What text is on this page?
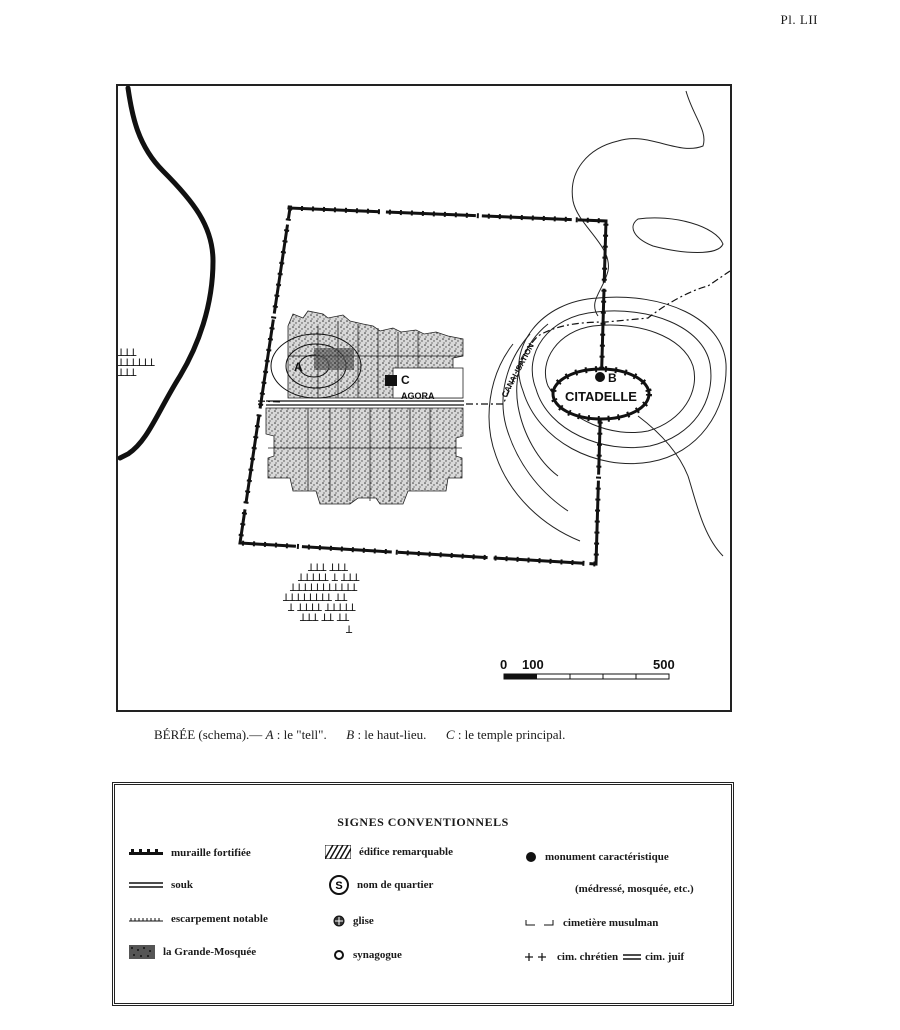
Pl. LII
ꓕꓕꓕ
ꓕꓕꓕꓕꓕꓕ
ꓕꓕꓕ
ꓕꓕꓕ ꓕꓕꓕ
ꓕꓕꓕꓕꓕ ꓕ ꓕꓕꓕ
ꓕꓕꓕꓕꓕꓕꓕꓕꓕꓕꓕ
ꓕꓕꓕꓕꓕꓕꓕꓕ ꓕꓕ
ꓕ ꓕꓕꓕꓕ ꓕꓕꓕꓕꓕ
ꓕꓕꓕ ꓕꓕ ꓕꓕ
ꓕ
A
C
AGORA
B
CITADELLE
CANALISATION
0 100	500
BÉRÉE (schema).— A : le "tell". B : le haut-lieu. C : le temple principal.
SIGNES CONVENTIONNELS
muraille fortifiée
souk
escarpement notable
la Grande-Mosquée
édifice remarquable
S nom de quartier
glise
synagogue
monument caractéristique
(médressé, mosquée, etc.)
cimetière musulman
cim. chrétien cim. juif
